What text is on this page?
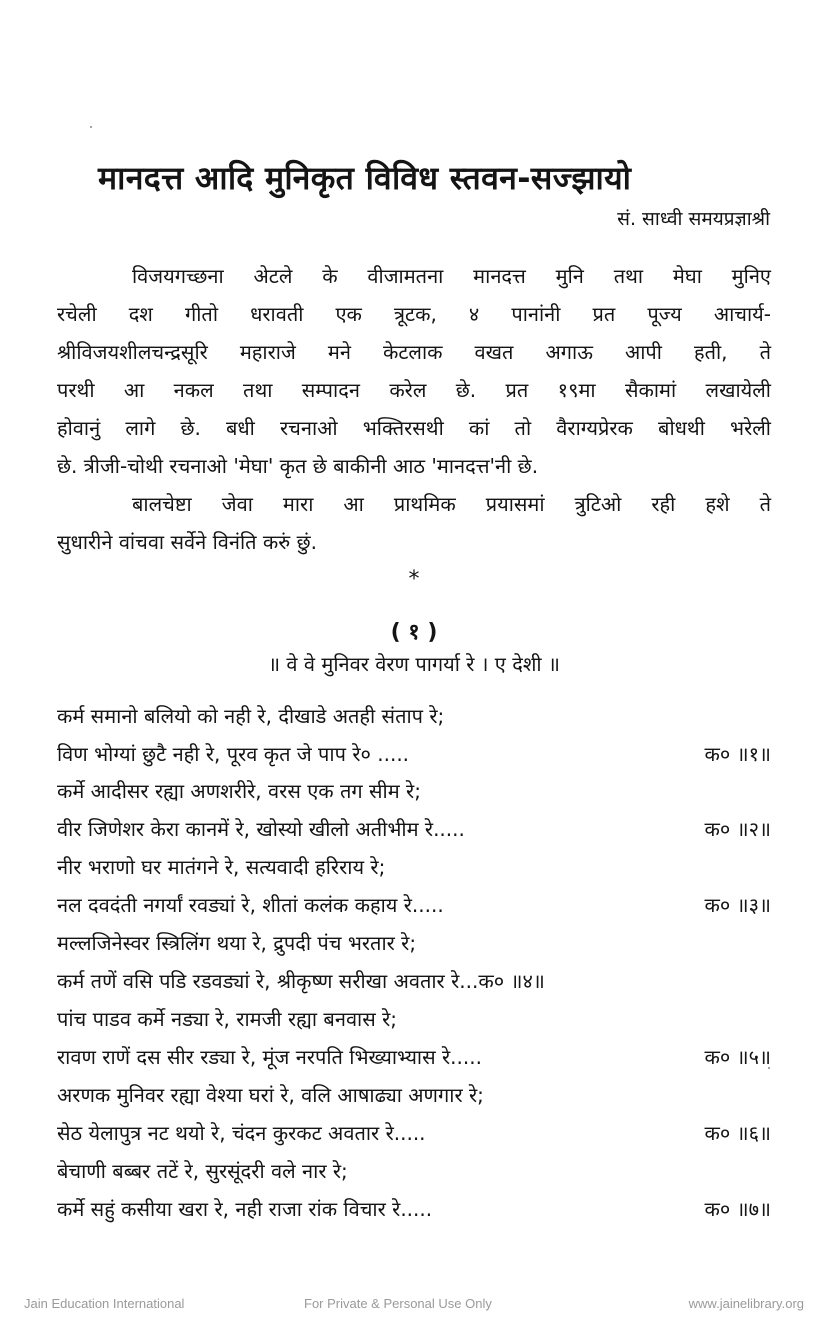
मानदत्त आदि मुनिकृत विविध स्तवन-सज्झायो
सं. साध्वी समयप्रज्ञाश्री
विजयगच्छना अेटले के वीजामतना मानदत्त मुनि तथा मेघा मुनिए
रचेली दश गीतो धरावती एक त्रूटक, ४ पानांनी प्रत पूज्य आचार्य-
श्रीविजयशीलचन्द्रसूरि महाराजे मने केटलाक वखत अगाऊ आपी हती, ते
परथी आ नकल तथा सम्पादन करेल छे. प्रत १९मा सैकामां लखायेली
होवानुं लागे छे. बधी रचनाओ भक्तिरसथी कां तो वैराग्यप्रेरक बोधथी भरेली
छे. त्रीजी-चोथी रचनाओ 'मेघा' कृत छे बाकीनी आठ 'मानदत्त'नी छे.
बालचेष्टा जेवा मारा आ प्राथमिक प्रयासमां त्रुटिओ रही हशे ते
सुधारीने वांचवा सर्वेने विनंति करुं छुं.
*
( १ )
॥ वे वे मुनिवर वेरण पागर्या रे । ए देशी ॥
कर्म समानो बलियो को नही रे, दीखाडे अतही संताप रे;
विण भोग्यां छुटै नही रे, पूरव कृत जे पाप रे० .....	क० ॥१॥
कर्मे आदीसर रह्या अणशरीरे, वरस एक तग सीम रे;
वीर जिणेशर केरा कानमें रे, खोस्यो खीलो अतीभीम रे.....	क० ॥२॥
नीर भराणो घर मातंगने रे, सत्यवादी हरिराय रे;
नल दवदंती नगर्यां रवड्यां रे, शीतां कलंक कहाय रे.....	क० ॥३॥
मल्लजिनेस्वर स्त्रिलिंग थया रे, द्रुपदी पंच भरतार रे;
कर्म तणें वसि पडि रडवड्यां रे, श्रीकृष्ण सरीखा अवतार रे...क० ॥४॥
पांच पाडव कर्मे नड्या रे, रामजी रह्या बनवास रे;
रावण राणें दस सीर रड्या रे, मूंज नरपति भिख्याभ्यास रे.....	क० ॥५॥
अरणक मुनिवर रह्या वेश्या घरां रे, वलि आषाढ्या अणगार रे;
सेठ येलापुत्र नट थयो रे, चंदन कुरकट अवतार रे.....	क० ॥६॥
बेचाणी बब्बर तटें रे, सुरसूंदरी वले नार रे;
कर्मे सहुं कसीया खरा रे, नही राजा रांक विचार रे.....	क० ॥७॥
Jain Education International	For Private & Personal Use Only	www.jainelibrary.org
